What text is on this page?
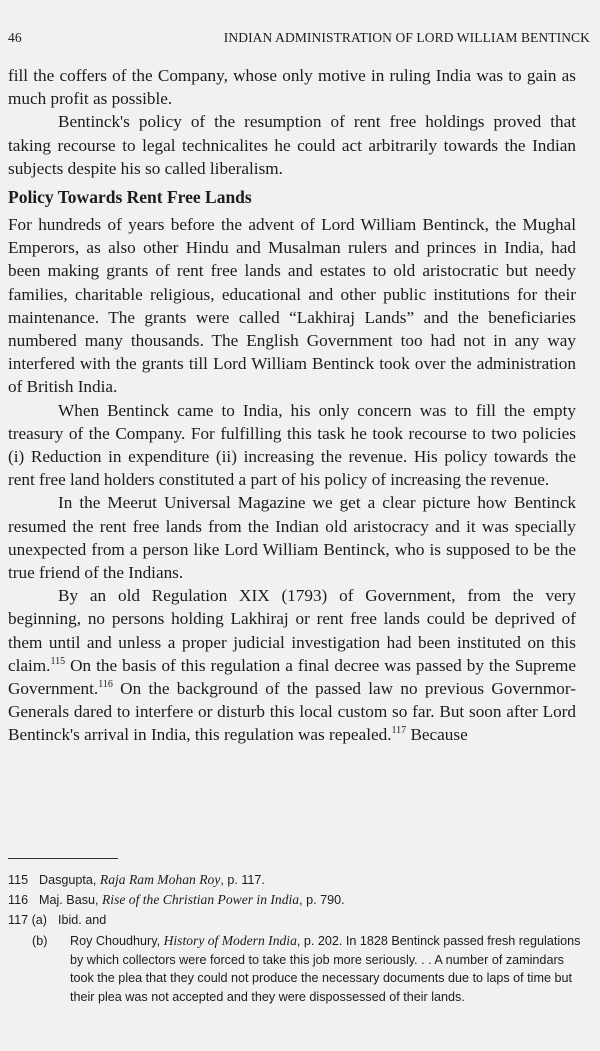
46	INDIAN ADMINISTRATION OF LORD WILLIAM BENTINCK

fill the coffers of the Company, whose only motive in ruling India was to gain as much profit as possible.

Bentinck's policy of the resumption of rent free holdings proved that taking recourse to legal technicalites he could act arbitrarily towards the Indian subjects despite his so called liberalism.

Policy Towards Rent Free Lands

For hundreds of years before the advent of Lord William Bentinck, the Mughal Emperors, as also other Hindu and Musalman rulers and princes in India, had been making grants of rent free lands and estates to old aristocratic but needy families, charitable religious, educational and other public institutions for their maintenance. The grants were called “Lakhiraj Lands” and the beneficiaries numbered many thousands. The English Government too had not in any way interfered with the grants till Lord William Bentinck took over the administration of British India.

When Bentinck came to India, his only concern was to fill the empty treasury of the Company. For fulfilling this task he took recourse to two policies (i) Reduction in expenditure (ii) increasing the revenue. His policy towards the rent free land holders constituted a part of his policy of increasing the revenue.

In the Meerut Universal Magazine we get a clear picture how Bentinck resumed the rent free lands from the Indian old aristocracy and it was specially unexpected from a person like Lord William Bentinck, who is supposed to be the true friend of the Indians.

By an old Regulation XIX (1793) of Government, from the very beginning, no persons holding Lakhiraj or rent free lands could be deprived of them until and unless a proper judicial investigation had been instituted on this claim.$^{115}$ On the basis of this regulation a final decree was passed by the Supreme Government.$^{116}$ On the background of the passed law no previous Governmor-Generals dared to interfere or disturb this local custom so far. But soon after Lord Bentinck's arrival in India, this regulation was repealed.$^{117}$ Because

115 Dasgupta, Raja Ram Mohan Roy, p. 117.
116 Maj. Basu, Rise of the Christian Power in India, p. 790.
117 (a) Ibid. and
(b) Roy Choudhury, History of Modern India, p. 202. In 1828 Bentinck passed fresh regulations by which collectors were forced to take this job more seriously. . . A number of zamindars took the plea that they could not produce the necessary documents due to laps of time but their plea was not accepted and they were dispossessed of their lands.
